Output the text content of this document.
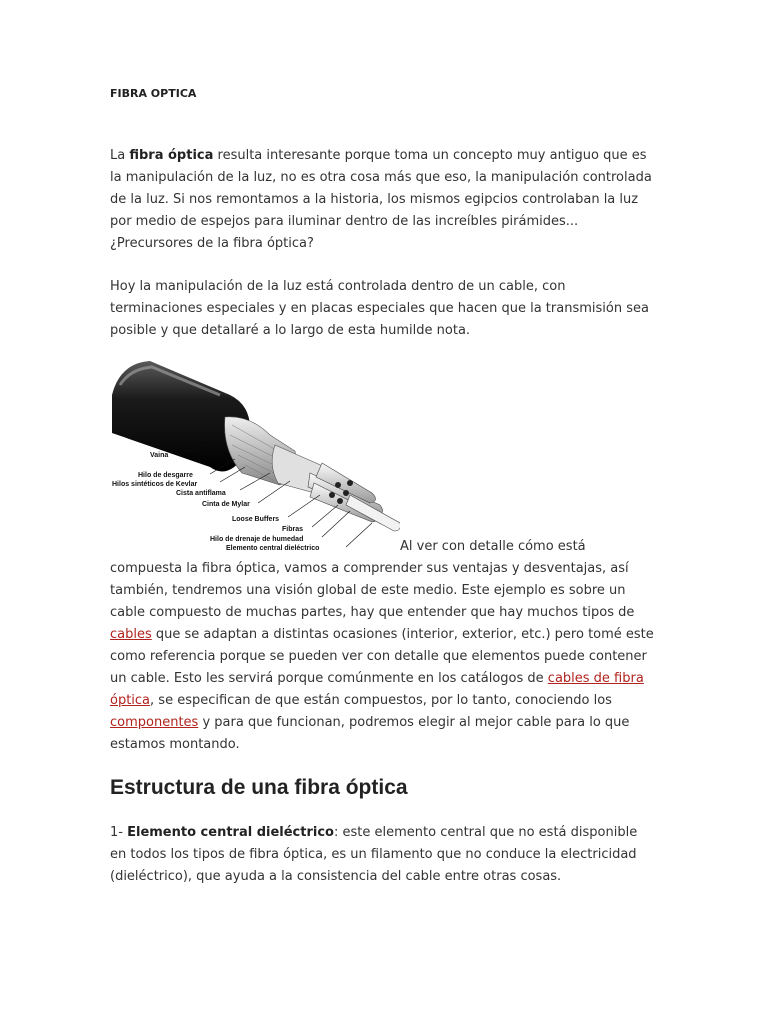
FIBRA OPTICA

La fibra óptica resulta interesante porque toma un concepto muy antiguo que es la manipulación de la luz, no es otra cosa más que eso, la manipulación controlada de la luz. Si nos remontamos a la historia, los mismos egipcios controlaban la luz por medio de espejos para iluminar dentro de las increíbles pirámides... ¿Precursores de la fibra óptica?

Hoy la manipulación de la luz está controlada dentro de un cable, con terminaciones especiales y en placas especiales que hacen que la transmisión sea posible y que detallaré a lo largo de esta humilde nota.

Vaina
Hilo de desgarre
Hilos sintéticos de Kevlar
Cista antiflama
Cinta de Mylar
Loose Buffers
Fibras
Hilo de drenaje de humedad
Elemento central dieléctrico	Al ver con detalle cómo está compuesta la fibra óptica, vamos a comprender sus ventajas y desventajas, así también, tendremos una visión global de este medio. Este ejemplo es sobre un cable compuesto de muchas partes, hay que entender que hay muchos tipos de cables que se adaptan a distintas ocasiones (interior, exterior, etc.) pero tomé este como referencia porque se pueden ver con detalle que elementos puede contener un cable. Esto les servirá porque comúnmente en los catálogos de cables de fibra óptica, se especifican de que están compuestos, por lo tanto, conociendo los componentes y para que funcionan, podremos elegir al mejor cable para lo que estamos montando.

Estructura de una fibra óptica

1- Elemento central dieléctrico: este elemento central que no está disponible en todos los tipos de fibra óptica, es un filamento que no conduce la electricidad (dieléctrico), que ayuda a la consistencia del cable entre otras cosas.
